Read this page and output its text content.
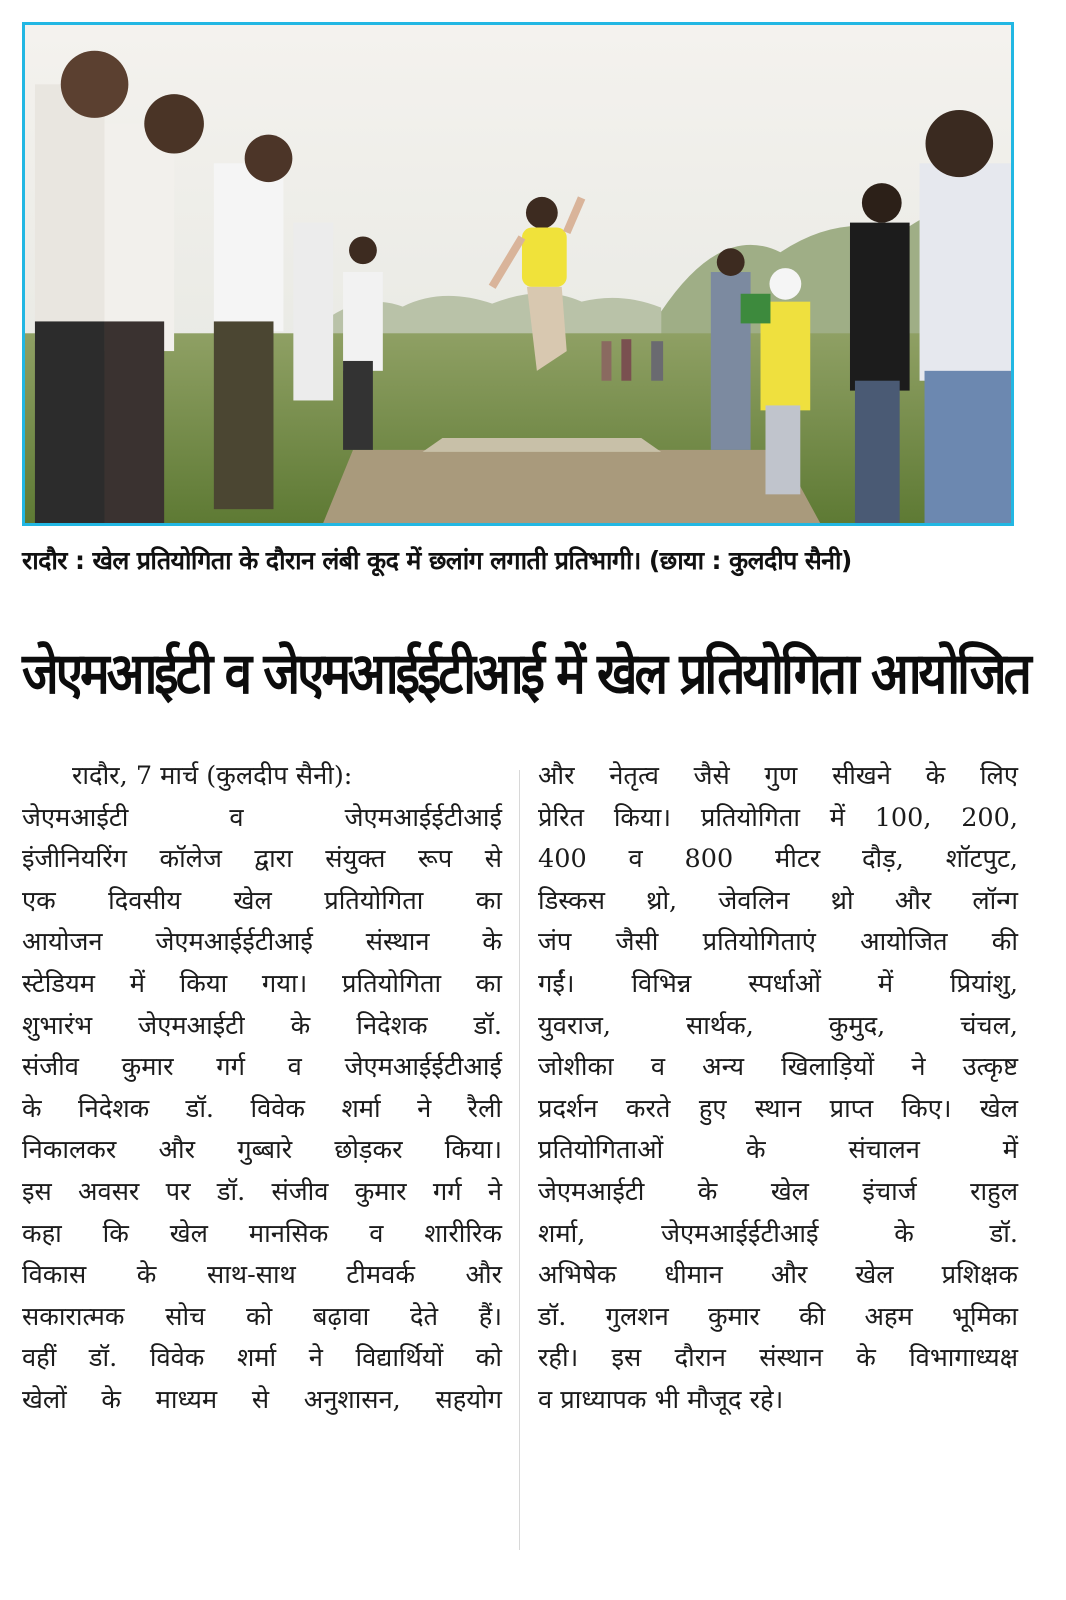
रादौर : खेल प्रतियोगिता के दौरान लंबी कूद में छलांग लगाती प्रतिभागी। (छाया : कुलदीप सैनी)
जेएमआईटी व जेएमआईईटीआई में खेल प्रतियोगिता आयोजित
रादौर, 7 मार्च (कुलदीप सैनी):
जेएमआईटी व जेएमआईईटीआई
इंजीनियरिंग कॉलेज द्वारा संयुक्त रूप से
एक दिवसीय खेल प्रतियोगिता का
आयोजन जेएमआईईटीआई संस्थान के
स्टेडियम में किया गया। प्रतियोगिता का
शुभारंभ जेएमआईटी के निदेशक डॉ.
संजीव कुमार गर्ग व जेएमआईईटीआई
के निदेशक डॉ. विवेक शर्मा ने रैली
निकालकर और गुब्बारे छोड़कर किया।
इस अवसर पर डॉ. संजीव कुमार गर्ग ने
कहा कि खेल मानसिक व शारीरिक
विकास के साथ-साथ टीमवर्क और
सकारात्मक सोच को बढ़ावा देते हैं।
वहीं डॉ. विवेक शर्मा ने विद्यार्थियों को
खेलों के माध्यम से अनुशासन, सहयोग
और नेतृत्व जैसे गुण सीखने के लिए
प्रेरित किया। प्रतियोगिता में 100, 200,
400 व 800 मीटर दौड़, शॉटपुट,
डिस्कस थ्रो, जेवलिन थ्रो और लॉन्ग
जंप जैसी प्रतियोगिताएं आयोजित की
गईं। विभिन्न स्पर्धाओं में प्रियांशु,
युवराज, सार्थक, कुमुद, चंचल,
जोशीका व अन्य खिलाड़ियों ने उत्कृष्ट
प्रदर्शन करते हुए स्थान प्राप्त किए। खेल
प्रतियोगिताओं के संचालन में
जेएमआईटी के खेल इंचार्ज राहुल
शर्मा, जेएमआईईटीआई के डॉ.
अभिषेक धीमान और खेल प्रशिक्षक
डॉ. गुलशन कुमार की अहम भूमिका
रही। इस दौरान संस्थान के विभागाध्यक्ष
व प्राध्यापक भी मौजूद रहे।
